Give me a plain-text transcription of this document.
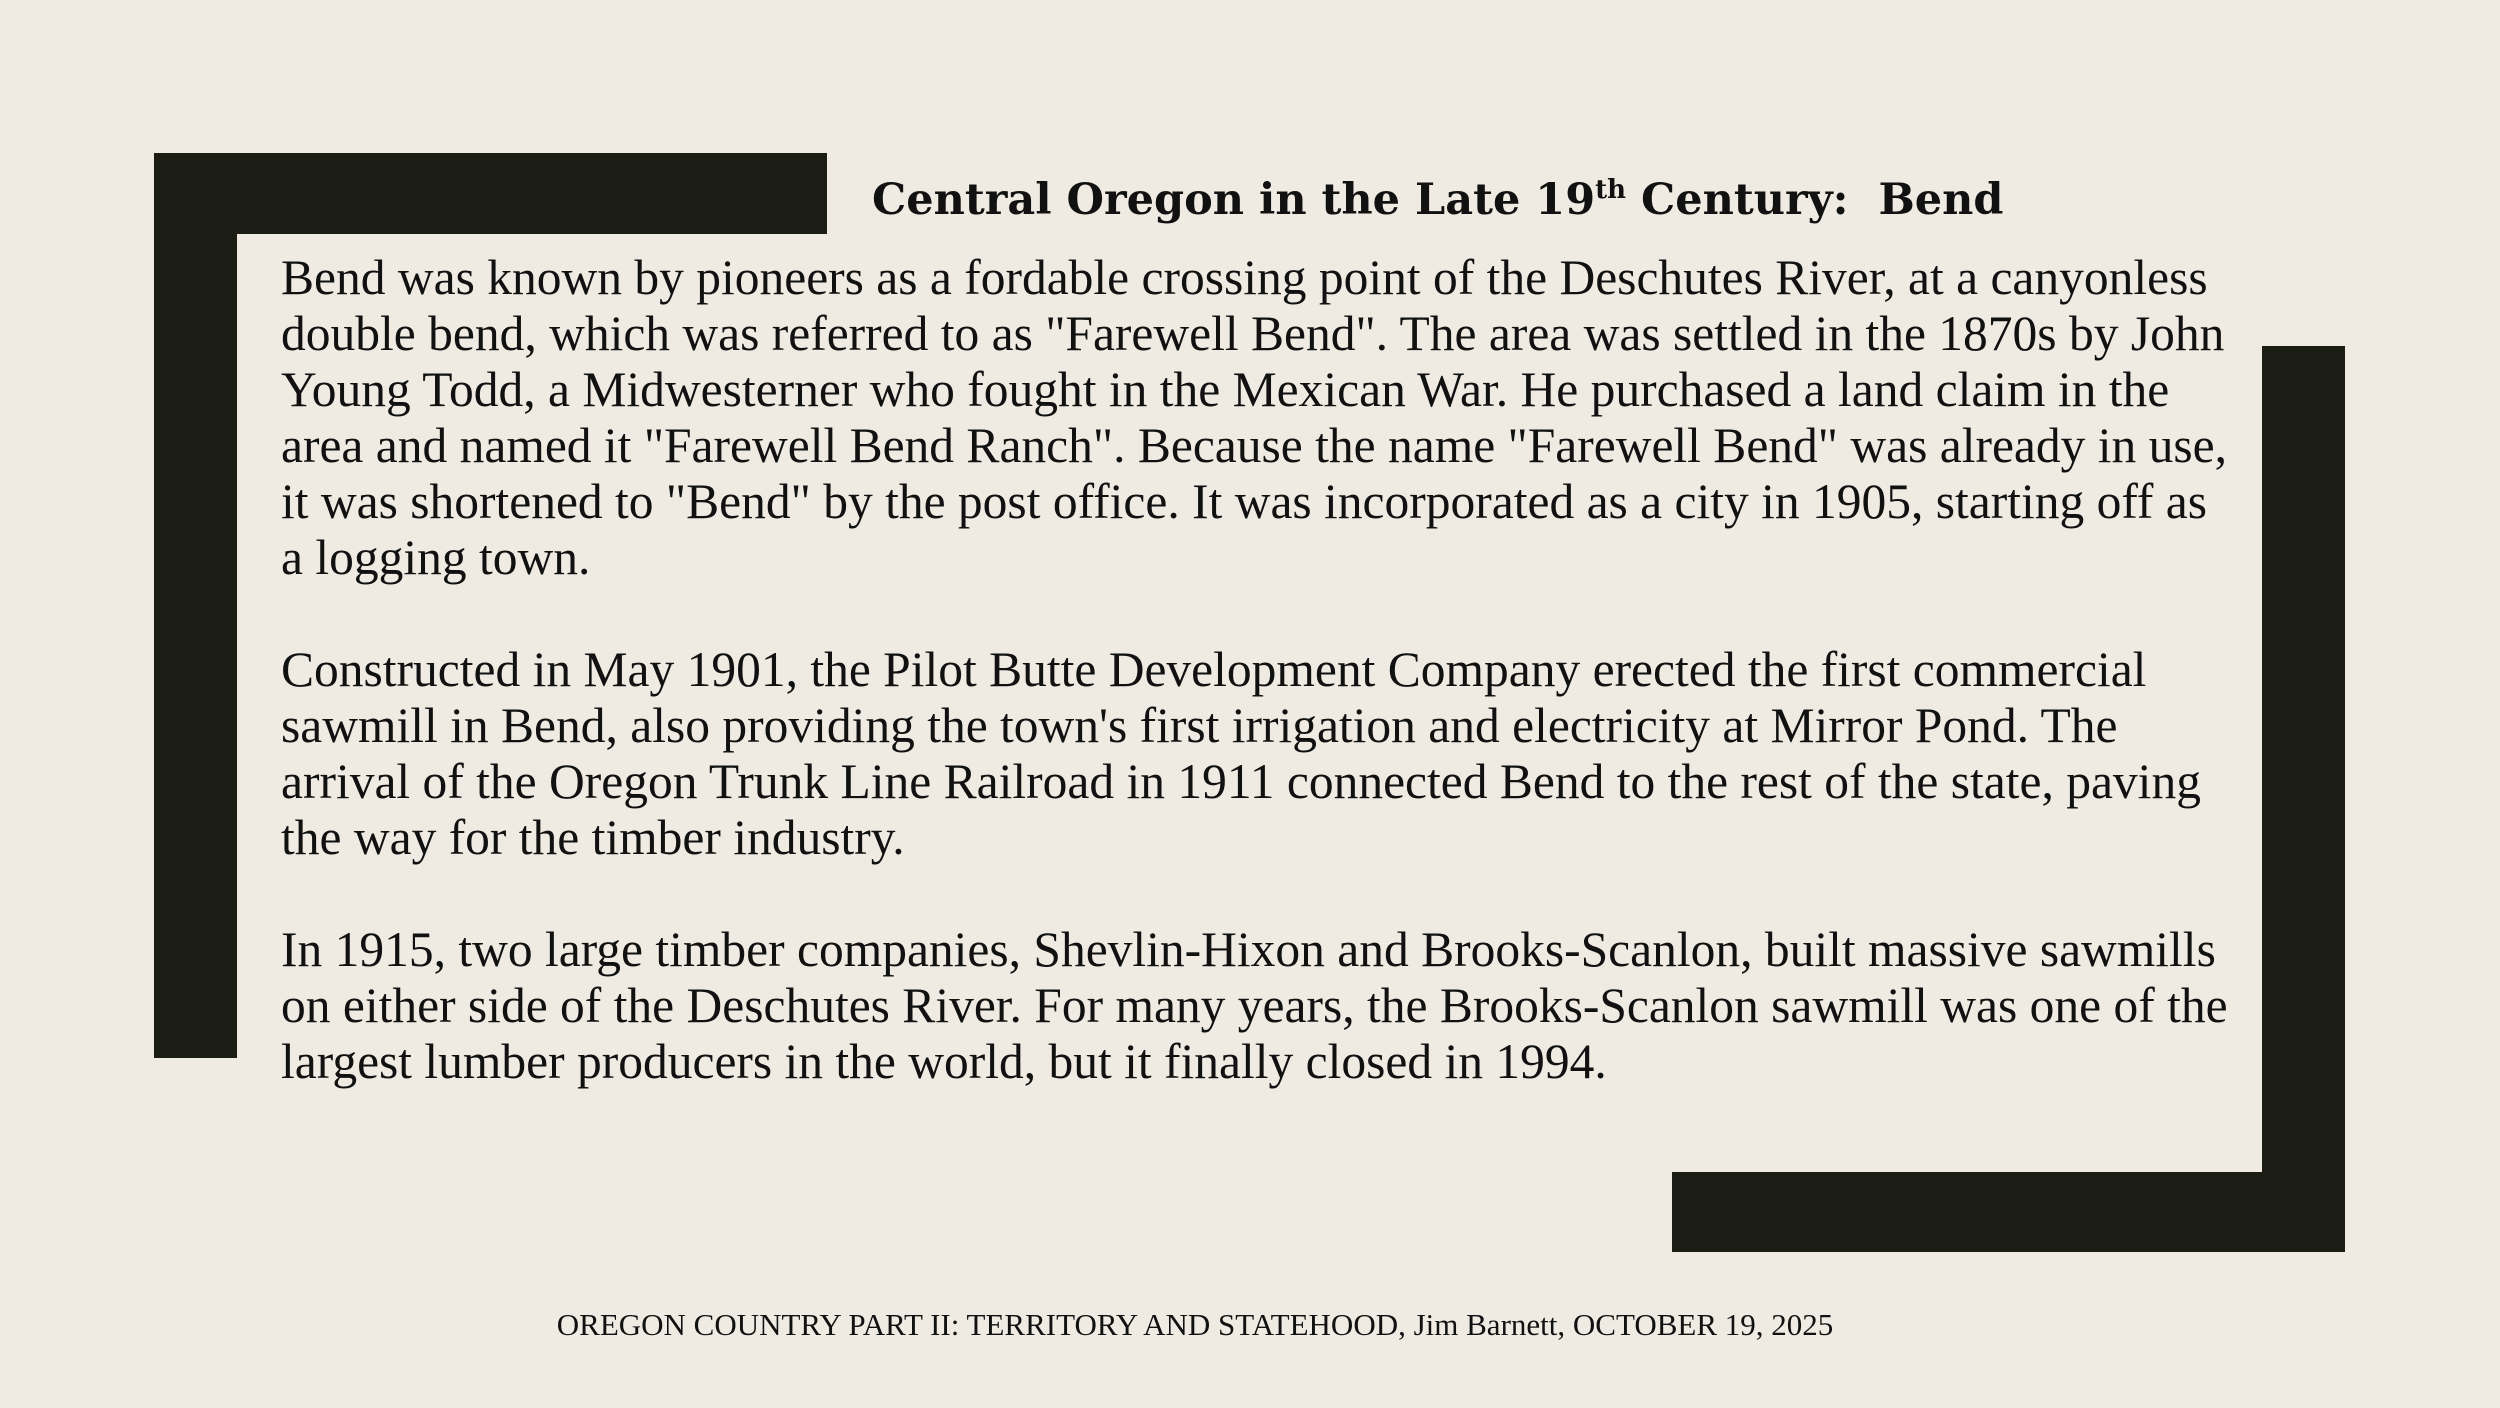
Central Oregon in the Late 19th Century:  Bend

Bend was known by pioneers as a fordable crossing point of the Deschutes River, at a canyonless double bend, which was referred to as "Farewell Bend". The area was settled in the 1870s by John Young Todd, a Midwesterner who fought in the Mexican War. He purchased a land claim in the area and named it "Farewell Bend Ranch". Because the name "Farewell Bend" was already in use, it was shortened to "Bend" by the post office. It was incorporated as a city in 1905, starting off as a logging town.

Constructed in May 1901, the Pilot Butte Development Company erected the first commercial sawmill in Bend, also providing the town's first irrigation and electricity at Mirror Pond. The arrival of the Oregon Trunk Line Railroad in 1911 connected Bend to the rest of the state, paving the way for the timber industry.

In 1915, two large timber companies, Shevlin-Hixon and Brooks-Scanlon, built massive sawmills on either side of the Deschutes River. For many years, the Brooks-Scanlon sawmill was one of the largest lumber producers in the world, but it finally closed in 1994.

OREGON COUNTRY PART II: TERRITORY AND STATEHOOD, Jim Barnett, OCTOBER 19, 2025
